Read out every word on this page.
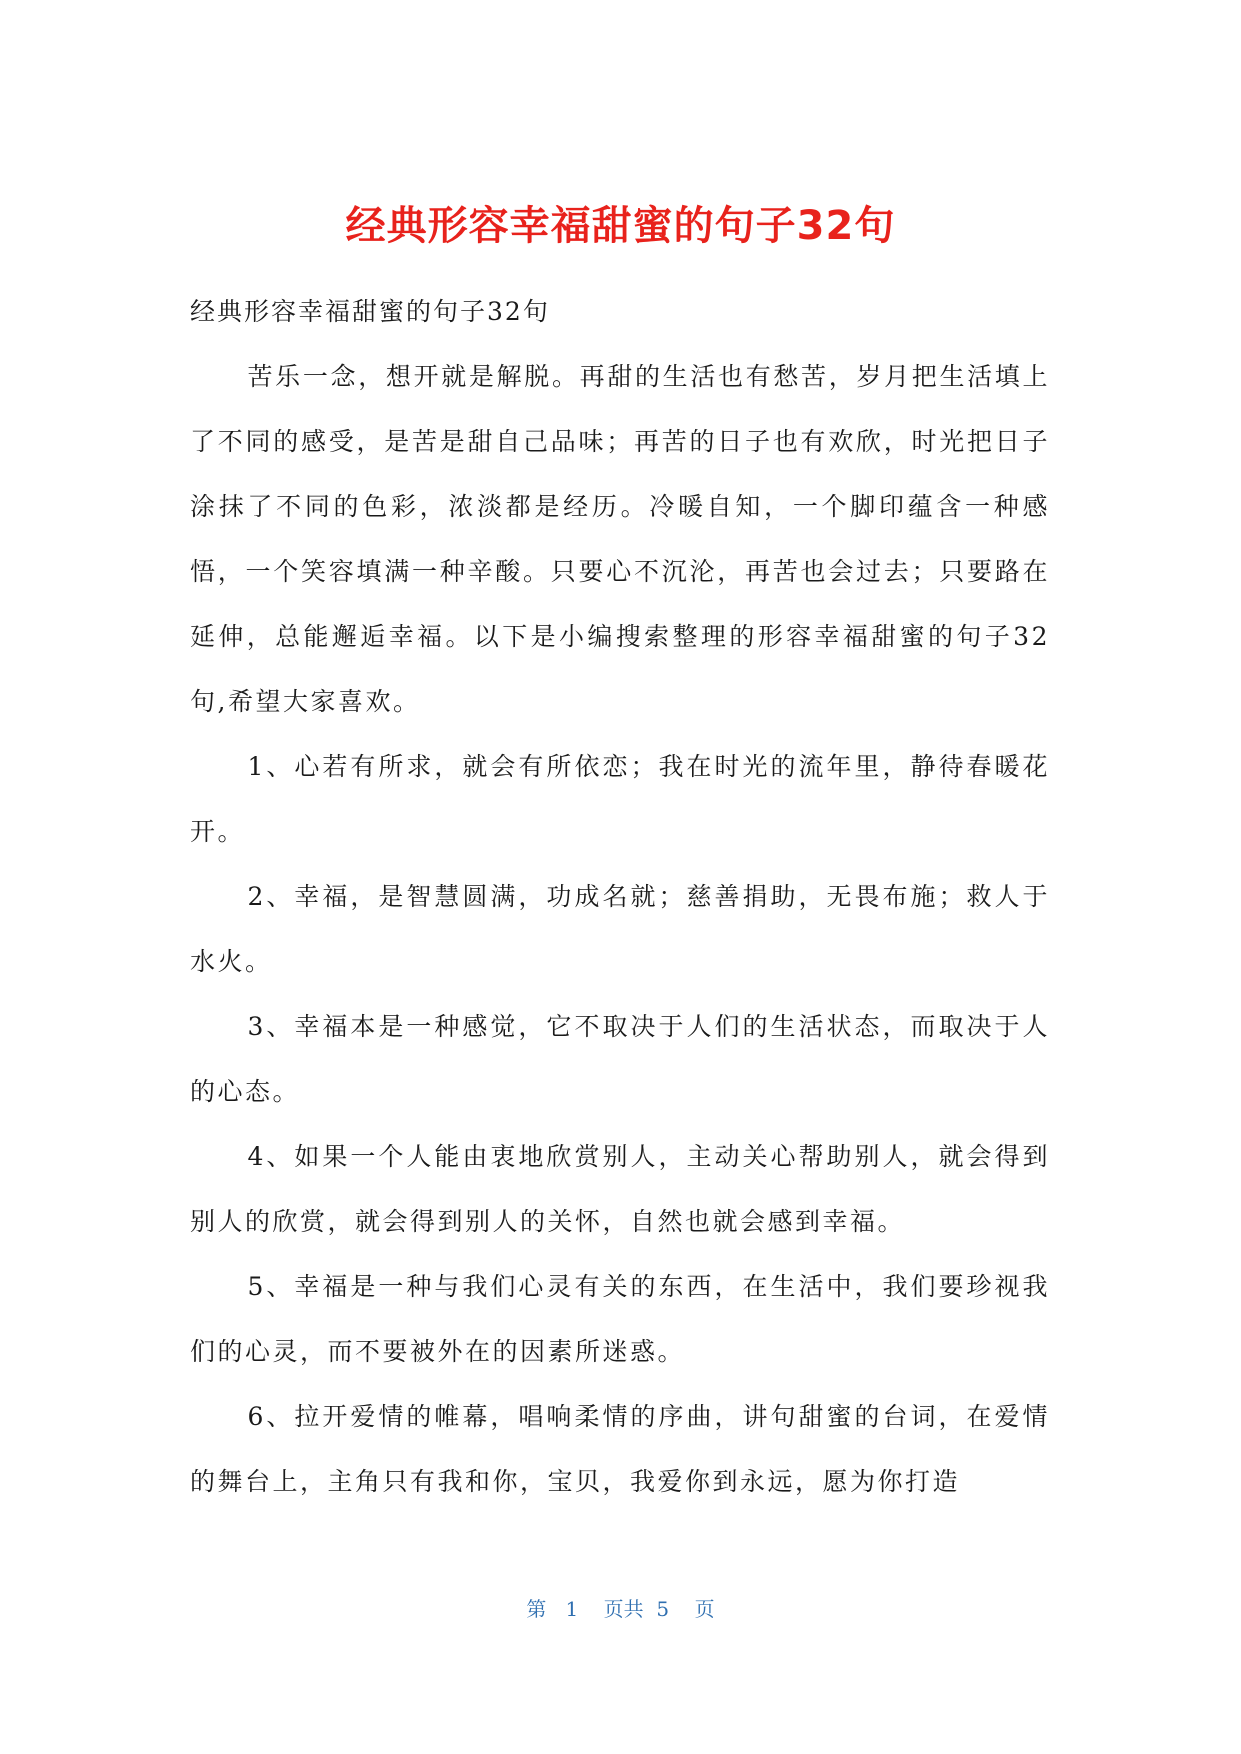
经典形容幸福甜蜜的句子32句

经典形容幸福甜蜜的句子32句

苦乐一念，想开就是解脱。再甜的生活也有愁苦，岁月把生活填上了不同的感受，是苦是甜自己品味；再苦的日子也有欢欣，时光把日子涂抹了不同的色彩，浓淡都是经历。冷暖自知，一个脚印蕴含一种感悟，一个笑容填满一种辛酸。只要心不沉沦，再苦也会过去；只要路在延伸，总能邂逅幸福。以下是小编搜索整理的形容幸福甜蜜的句子32句,希望大家喜欢。

1、心若有所求，就会有所依恋；我在时光的流年里，静待春暖花开。

2、幸福，是智慧圆满，功成名就；慈善捐助，无畏布施；救人于水火。

3、幸福本是一种感觉，它不取决于人们的生活状态，而取决于人的心态。

4、如果一个人能由衷地欣赏别人，主动关心帮助别人，就会得到别人的欣赏，就会得到别人的关怀，自然也就会感到幸福。

5、幸福是一种与我们心灵有关的东西，在生活中，我们要珍视我们的心灵，而不要被外在的因素所迷惑。

6、拉开爱情的帷幕，唱响柔情的序曲，讲句甜蜜的台词，在爱情的舞台上，主角只有我和你，宝贝，我爱你到永远，愿为你打造

第 1 页共 5 页
